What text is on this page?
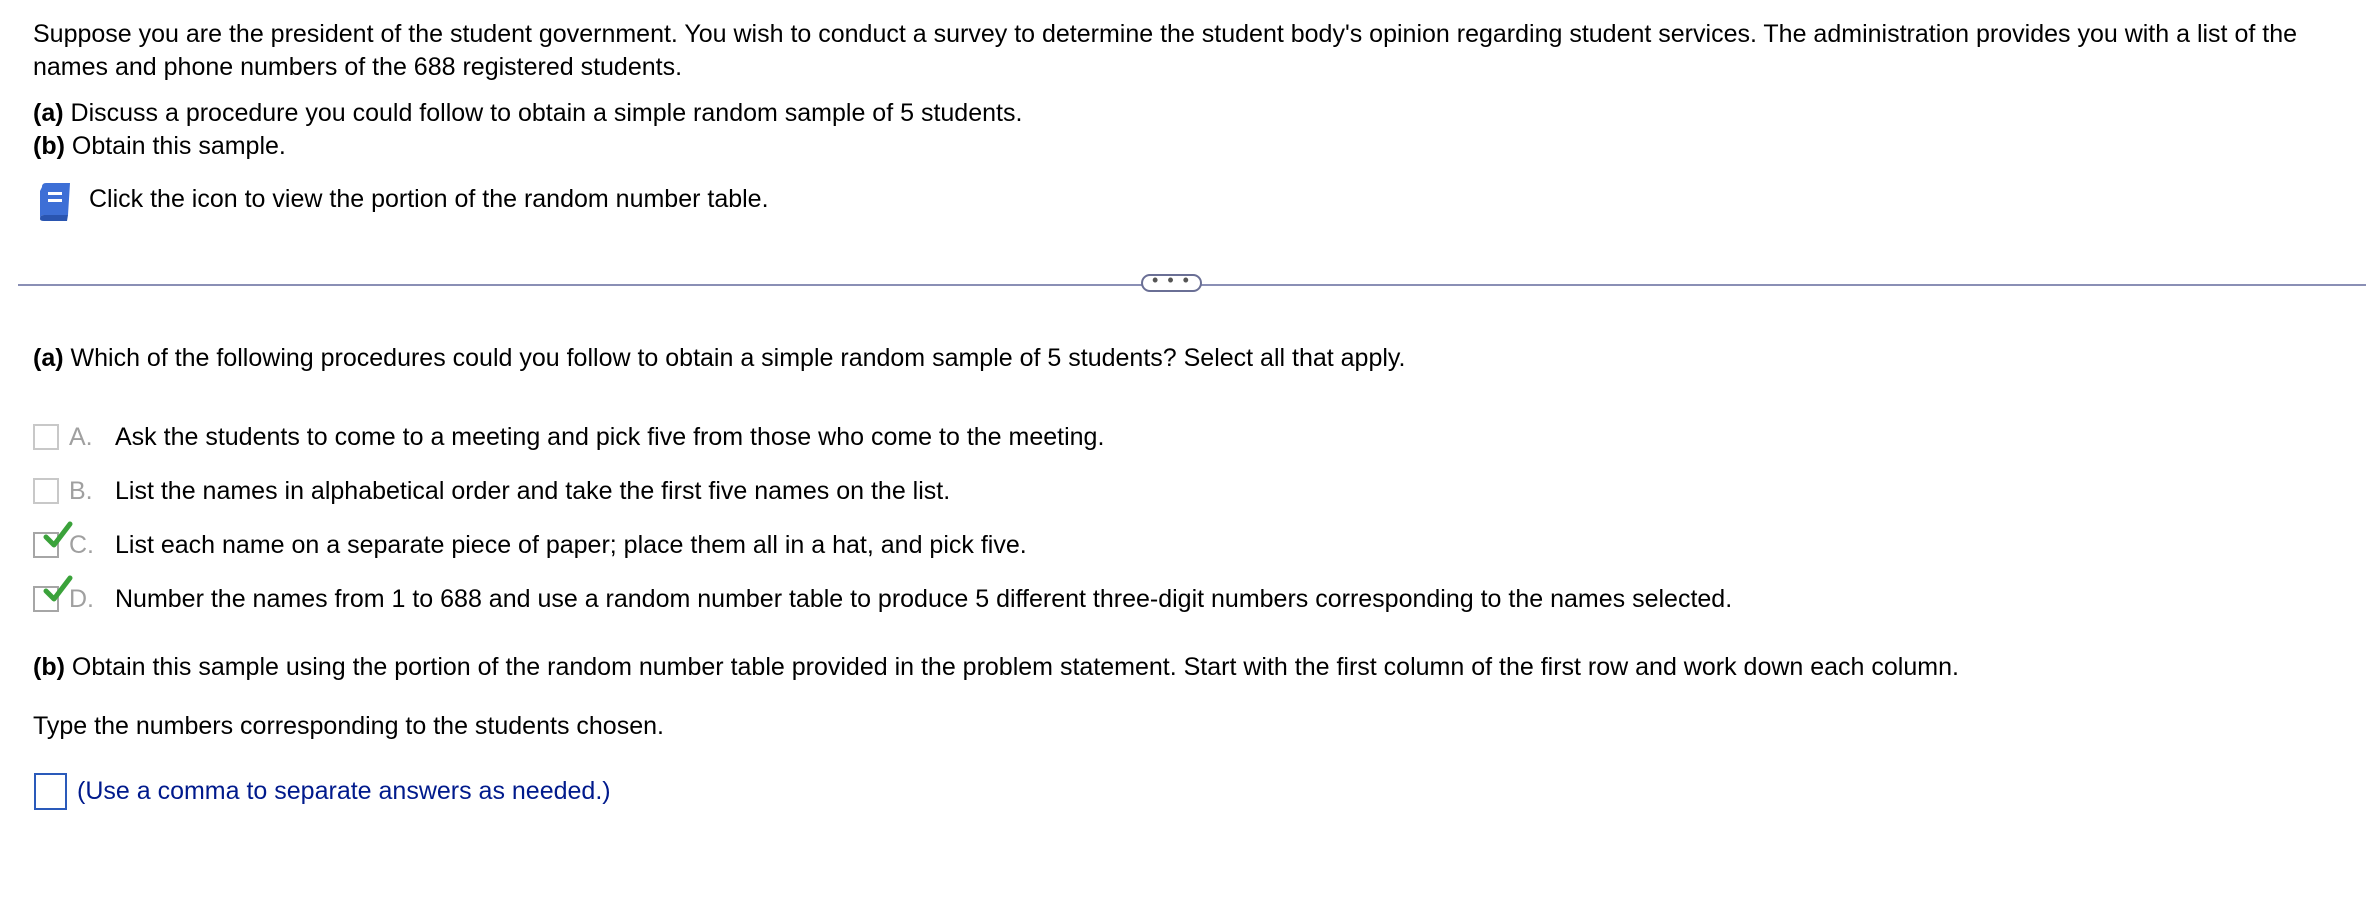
Suppose you are the president of the student government. You wish to conduct a survey to determine the student body's opinion regarding student services. The administration provides you with a list of the names and phone numbers of the 688 registered students.
(a) Discuss a procedure you could follow to obtain a simple random sample of 5 students.
(b) Obtain this sample.
Click the icon to view the portion of the random number table.
• • •
(a) Which of the following procedures could you follow to obtain a simple random sample of 5 students? Select all that apply.
A. Ask the students to come to a meeting and pick five from those who come to the meeting.
B. List the names in alphabetical order and take the first five names on the list.
C. List each name on a separate piece of paper; place them all in a hat, and pick five.
D. Number the names from 1 to 688 and use a random number table to produce 5 different three-digit numbers corresponding to the names selected.
(b) Obtain this sample using the portion of the random number table provided in the problem statement. Start with the first column of the first row and work down each column.
Type the numbers corresponding to the students chosen.
(Use a comma to separate answers as needed.)
